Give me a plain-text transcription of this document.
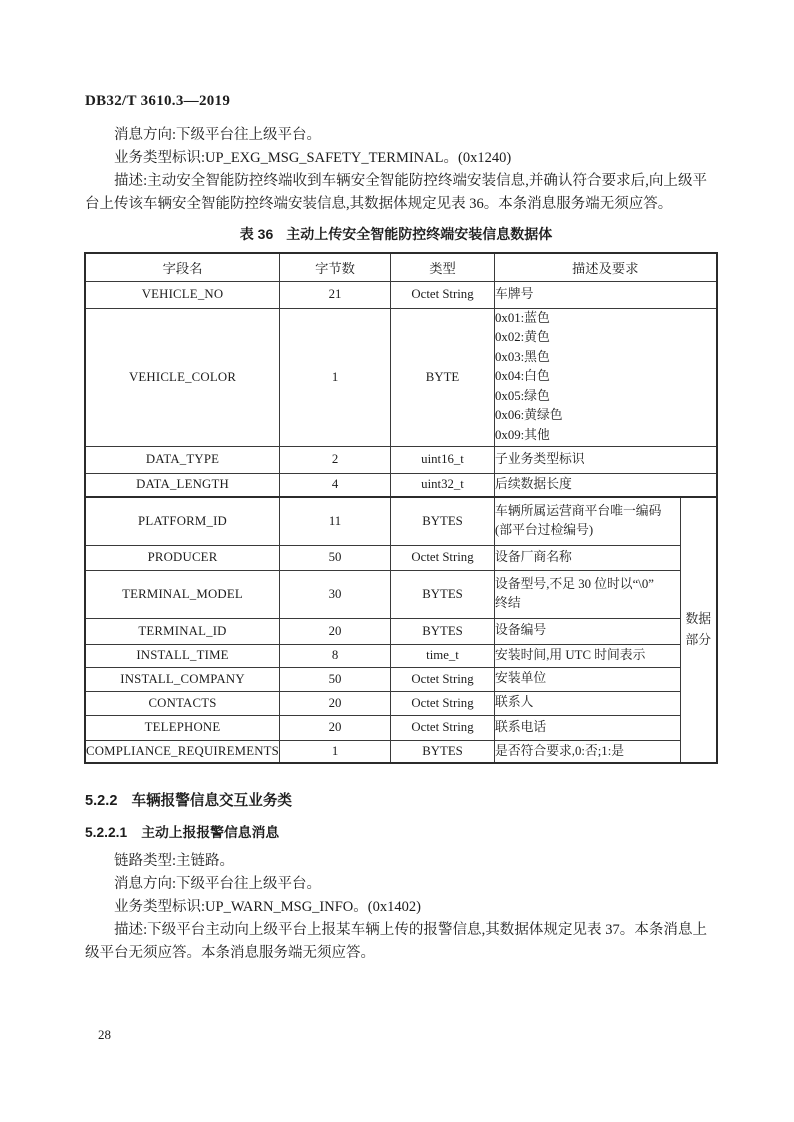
DB32/T 3610.3—2019

消息方向:下级平台往上级平台。

业务类型标识:UP_EXG_MSG_SAFETY_TERMINAL。(0x1240)

描述:主动安全智能防控终端收到车辆安全智能防控终端安装信息,并确认符合要求后,向上级平台上传该车辆安全智能防控终端安装信息,其数据体规定见表 36。本条消息服务端无须应答。

表 36 主动上传安全智能防控终端安装信息数据体
字段名	字节数	类型	描述及要求	
VEHICLE_NO	21	Octet String	车牌号	

VEHICLE_COLOR	1	BYTE	
0x01:蓝色
0x02:黄色
0x03:黑色
0x04:白色
0x05:绿色
0x06:黄绿色
0x09:其他

DATA_TYPE	2	uint16_t	子业务类型标识	

DATA_LENGTH	4	uint32_t	后续数据长度	

PLATFORM_ID	11	BYTES	
车辆所属运营商平台唯一编码
(部平台过检编号)

数据
部分

PRODUCER	50	Octet String	设备厂商名称	

TERMINAL_MODEL	30	BYTES	设备型号,不足 30 位时以“\0”
终结	

TERMINAL_ID	20	BYTES	设备编号	

INSTALL_TIME	8	time_t	安装时间,用 UTC 时间表示	

INSTALL_COMPANY	50	Octet String	安装单位	

CONTACTS	20	Octet String	联系人	

TELEPHONE	20	Octet String	联系电话	

COMPLIANCE_REQUIREMENTS	1	BYTES	是否符合要求,0:否;1:是	
5.2.2 车辆报警信息交互业务类
5.2.2.1 主动上报报警信息消息

链路类型:主链路。

消息方向:下级平台往上级平台。

业务类型标识:UP_WARN_MSG_INFO。(0x1402)

描述:下级平台主动向上级平台上报某车辆上传的报警信息,其数据体规定见表 37。本条消息上级平台无须应答。本条消息服务端无须应答。

28
